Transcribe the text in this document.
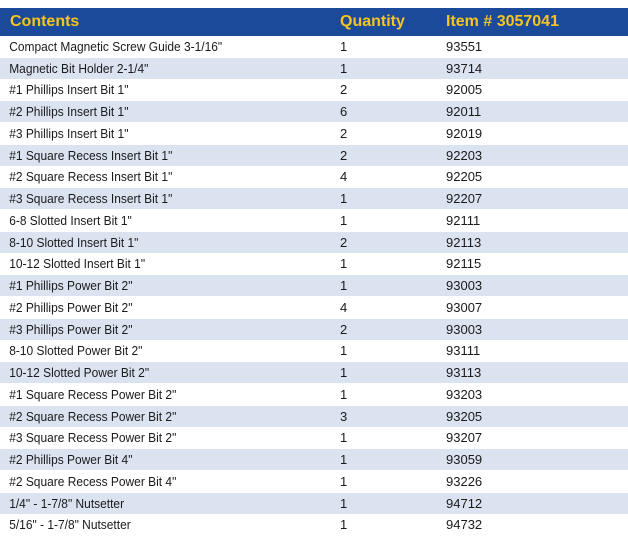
Contents	Quantity	Item # 3057041
Compact Magnetic Screw Guide 3-1/16"	1	93551
Magnetic Bit Holder 2-1/4"	1	93714
#1 Phillips Insert Bit 1"	2	92005
#2 Phillips Insert Bit 1"	6	92011
#3 Phillips Insert Bit 1"	2	92019
#1 Square Recess Insert Bit 1"	2	92203
#2 Square Recess Insert Bit 1"	4	92205
#3 Square Recess Insert Bit 1"	1	92207
6-8 Slotted Insert Bit 1"	1	92111
8-10 Slotted Insert Bit 1"	2	92113
10-12 Slotted Insert Bit 1"	1	92115
#1 Phillips Power Bit 2"	1	93003
#2 Phillips Power Bit 2"	4	93007
#3 Phillips Power Bit 2"	2	93003
8-10 Slotted Power Bit 2"	1	93111
10-12 Slotted Power Bit 2"	1	93113
#1 Square Recess Power Bit 2"	1	93203
#2 Square Recess Power Bit 2"	3	93205
#3 Square Recess Power Bit 2"	1	93207
#2 Phillips Power Bit 4"	1	93059
#2 Square Recess Power Bit 4"	1	93226
1/4" - 1-7/8" Nutsetter	1	94712
5/16" - 1-7/8" Nutsetter	1	94732
